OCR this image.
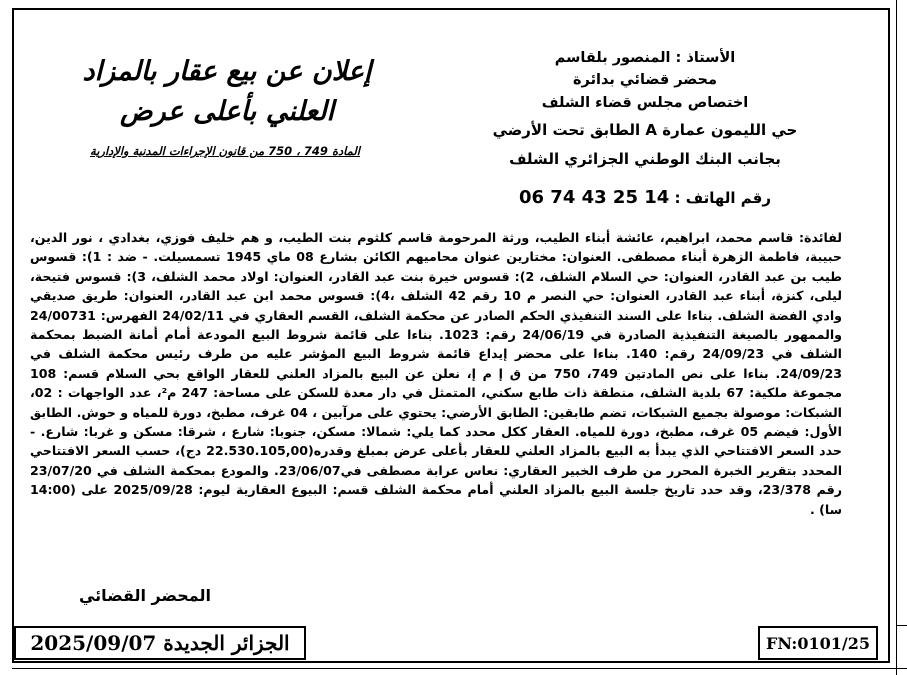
إعلان عن بيع عقار بالمزاد
العلني بأعلى عرض
المادة 749 ، 750 من قانون الإجراءات المدنية والإدارية
الأستاذ : المنصور بلقاسم
محضر قضائي بدائرة
اختصاص مجلس قضاء الشلف
حي الليمون عمارة A الطابق تحت الأرضي
بجانب البنك الوطني الجزائري الشلف
رقم الهاتف : 06 74 43 25 14
لفائدة: قاسم محمد، ابراهيم، عائشة أبناء الطيب، ورثة المرحومة قاسم كلثوم بنت الطيب، و هم خليف فوزي، بغدادي ، نور الدين، حبيبة، فاطمة الزهرة أبناء مصطفى. العنوان: مختارين عنوان محاميهم الكائن بشارع 08 ماي 1945 تسمسيلت. - ضد : 1): قسوس طيب بن عبد القادر، العنوان: حي السلام الشلف، 2): قسوس خيرة بنت عبد القادر، العنوان: اولاد محمد الشلف، 3): قسوس فتيحة، ليلى، كنزة، أبناء عبد القادر، العنوان: حي النصر م 10 رقم 42 الشلف ،4): قسوس محمد ابن عبد القادر، العنوان: طريق صديقي وادي الفضة الشلف. بناءا على السند التنفيذي الحكم الصادر عن محكمة الشلف، القسم العقاري في 24/02/11 الفهرس: 24/00731 والممهور بالصيغة التنفيذية الصادرة في 24/06/19 رقم: 1023. بناءا على قائمة شروط البيع المودعة أمام أمانة الضبط بمحكمة الشلف في 24/09/23 رقم: 140. بناءا على محضر إيداع قائمة شروط البيع المؤشر عليه من طرف رئيس محكمة الشلف في 24/09/23. بناءا على نص المادتين 749، 750 من ق إ م إ، نعلن عن البيع بالمزاد العلني للعقار الواقع بحي السلام قسم: 108 مجموعة ملكية: 67 بلدية الشلف، منطقة ذات طابع سكني، المتمثل في دار معدة للسكن على مساحة: 247 م²، عدد الواجهات : 02، الشبكات: موصولة بجميع الشبكات، تضم طابقين: الطابق الأرضي: يحتوي على مرآبين ، 04 غرف، مطبخ، دورة للمياه و حوش. الطابق الأول: فيضم 05 غرف، مطبخ، دورة للمياه. العقار ككل محدد كما يلي: شمالا: مسكن، جنوبا: شارع ، شرقا: مسكن و غربا: شارع. - حدد السعر الافتتاحي الذي يبدأ به البيع بالمزاد العلني للعقار بأعلى عرض بمبلغ وقدره(22.530.105,00 دج)، حسب السعر الافتتاحي المحدد بتقرير الخبرة المحرر من طرف الخبير العقاري: نعاس عرابة مصطفى في23/06/07. والمودع بمحكمة الشلف في 23/07/20 رقم 23/378، وقد حدد تاريخ جلسة البيع بالمزاد العلني أمام محكمة الشلف قسم: البيوع العقارية ليوم: 2025/09/28 على (14:00 سا) .
المحضر القضائي
الجزائر الجديدة 2025/09/07	FN:0101/25
